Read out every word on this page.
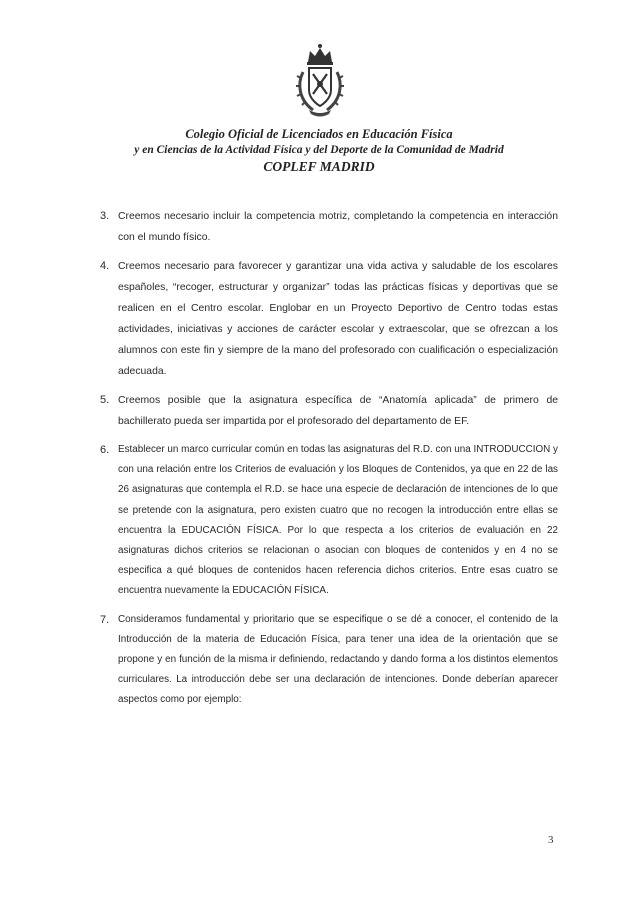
Colegio Oficial de Licenciados en Educación Física
y en Ciencias de la Actividad Física y del Deporte de la Comunidad de Madrid
COPLEF MADRID
3. Creemos necesario incluir la competencia motriz, completando la competencia en interacción con el mundo físico.
4. Creemos necesario para favorecer y garantizar una vida activa y saludable de los escolares españoles, “recoger, estructurar y organizar” todas las prácticas físicas y deportivas que se realicen en el Centro escolar. Englobar en un Proyecto Deportivo de Centro todas estas actividades, iniciativas y acciones de carácter escolar y extraescolar, que se ofrezcan a los alumnos con este fin y siempre de la mano del profesorado con cualificación o especialización adecuada.
5. Creemos posible que la asignatura específica de “Anatomía aplicada” de primero de bachillerato pueda ser impartida por el profesorado del departamento de EF.
6. Establecer un marco curricular común en todas las asignaturas del R.D. con una INTRODUCCION y con una relación entre los Criterios de evaluación y los Bloques de Contenidos, ya que en 22 de las 26 asignaturas que contempla el R.D. se hace una especie de declaración de intenciones de lo que se pretende con la asignatura, pero existen cuatro que no recogen la introducción entre ellas se encuentra la EDUCACIÓN FÍSICA. Por lo que respecta a los criterios de evaluación en 22 asignaturas dichos criterios se relacionan o asocian con bloques de contenidos y en 4 no se especifica a qué bloques de contenidos hacen referencia dichos criterios. Entre esas cuatro se encuentra nuevamente la EDUCACIÓN FÍSICA.
7. Consideramos fundamental y prioritario que se especifique o se dé a conocer, el contenido de la Introducción de la materia de Educación Física, para tener una idea de la orientación que se propone y en función de la misma ir definiendo, redactando y dando forma a los distintos elementos curriculares. La introducción debe ser una declaración de intenciones. Donde deberían aparecer aspectos como por ejemplo:
3
